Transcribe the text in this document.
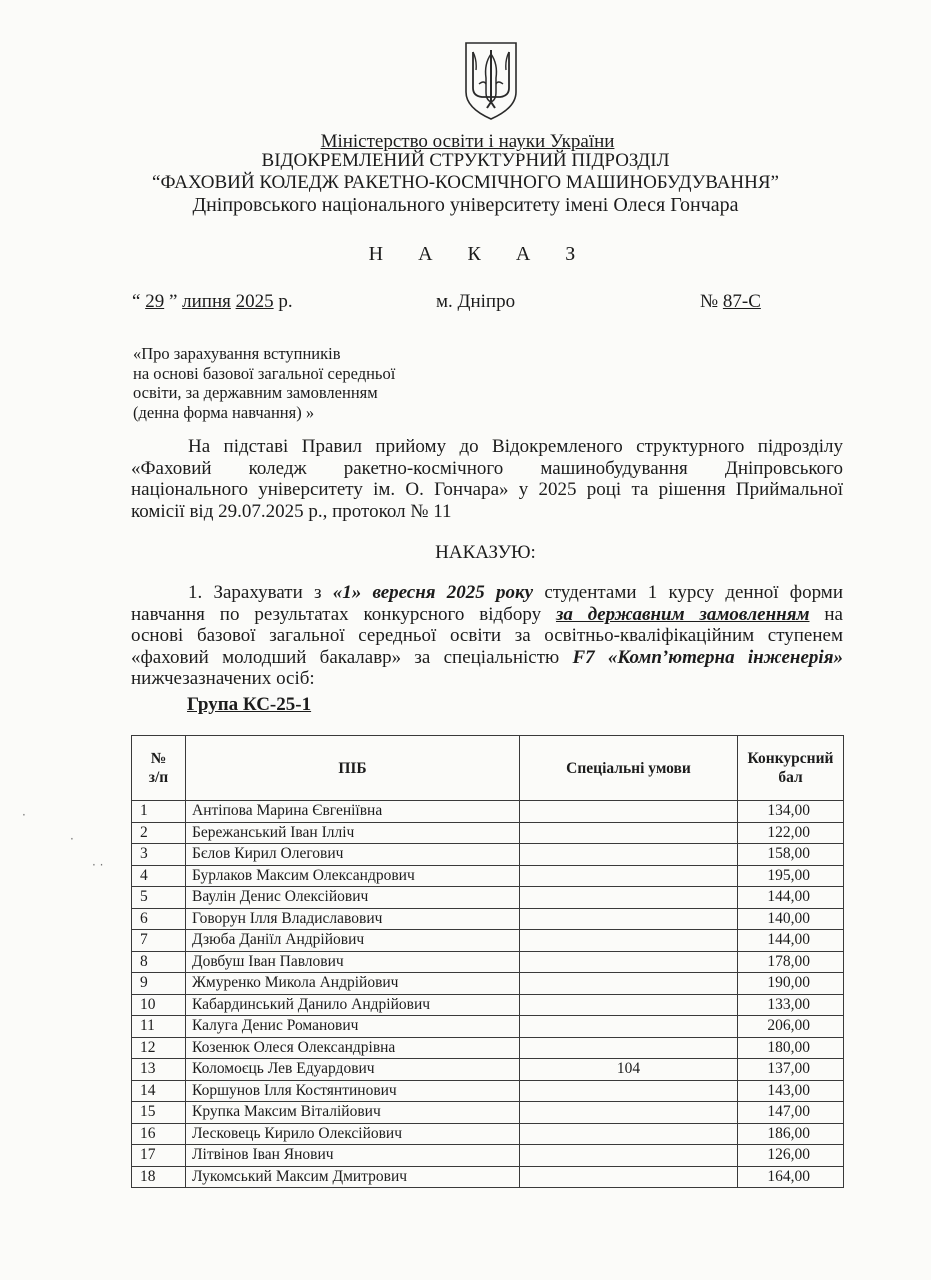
Міністерство освіти і науки України
ВІДОКРЕМЛЕНИЙ СТРУКТУРНИЙ ПІДРОЗДІЛ
“ФАХОВИЙ КОЛЕДЖ РАКЕТНО-КОСМІЧНОГО МАШИНОБУДУВАННЯ”
Дніпровського національного університету імені Олеся Гончара
Н А К А З
“ 29 ” липня 2025 р.	м. Дніпро	№ 87-С
«Про зарахування вступників
на основі базової загальної середньої
освіти, за державним замовленням
(денна форма навчання) »
На підставі Правил прийому до Відокремленого структурного підрозділу
«Фаховий коледж ракетно-космічного машинобудування Дніпровського
національного університету ім. О. Гончара» у 2025 році та рішення Приймальної
комісії від 29.07.2025 р., протокол № 11
НАКАЗУЮ:
1. Зарахувати з «1» вересня 2025 року студентами 1 курсу денної форми
навчання по результатах конкурсного відбору за державним замовленням на
основі базової загальної середньої освіти за освітньо-кваліфікаційним ступенем
«фаховий молодший бакалавр» за спеціальністю F7 «Комп’ютерна інженерія»
нижчезазначених осіб:
Група КС-25-1
№
з/п	ПІБ	Спеціальні умови	Конкурсний
бал
1	Антіпова Марина Євгеніївна		134,00
2	Бережанський Іван Ілліч		122,00
3	Бєлов Кирил Олегович		158,00
4	Бурлаков Максим Олександрович		195,00
5	Ваулін Денис Олексійович		144,00
6	Говорун Ілля Владиславович		140,00
7	Дзюба Даніїл Андрійович		144,00
8	Довбуш Іван Павлович		178,00
9	Жмуренко Микола Андрійович		190,00
10	Кабардинський Данило Андрійович		133,00
11	Калуга Денис Романович		206,00
12	Козенюк Олеся Олександрівна		180,00
13	Коломоєць Лев Едуардович	104	137,00
14	Коршунов Ілля Костянтинович		143,00
15	Крупка Максим Віталійович		147,00
16	Лесковець Кирило Олексійович		186,00
17	Літвінов Іван Янович		126,00
18	Лукомський Максим Дмитрович		164,00
·
·
· ·
